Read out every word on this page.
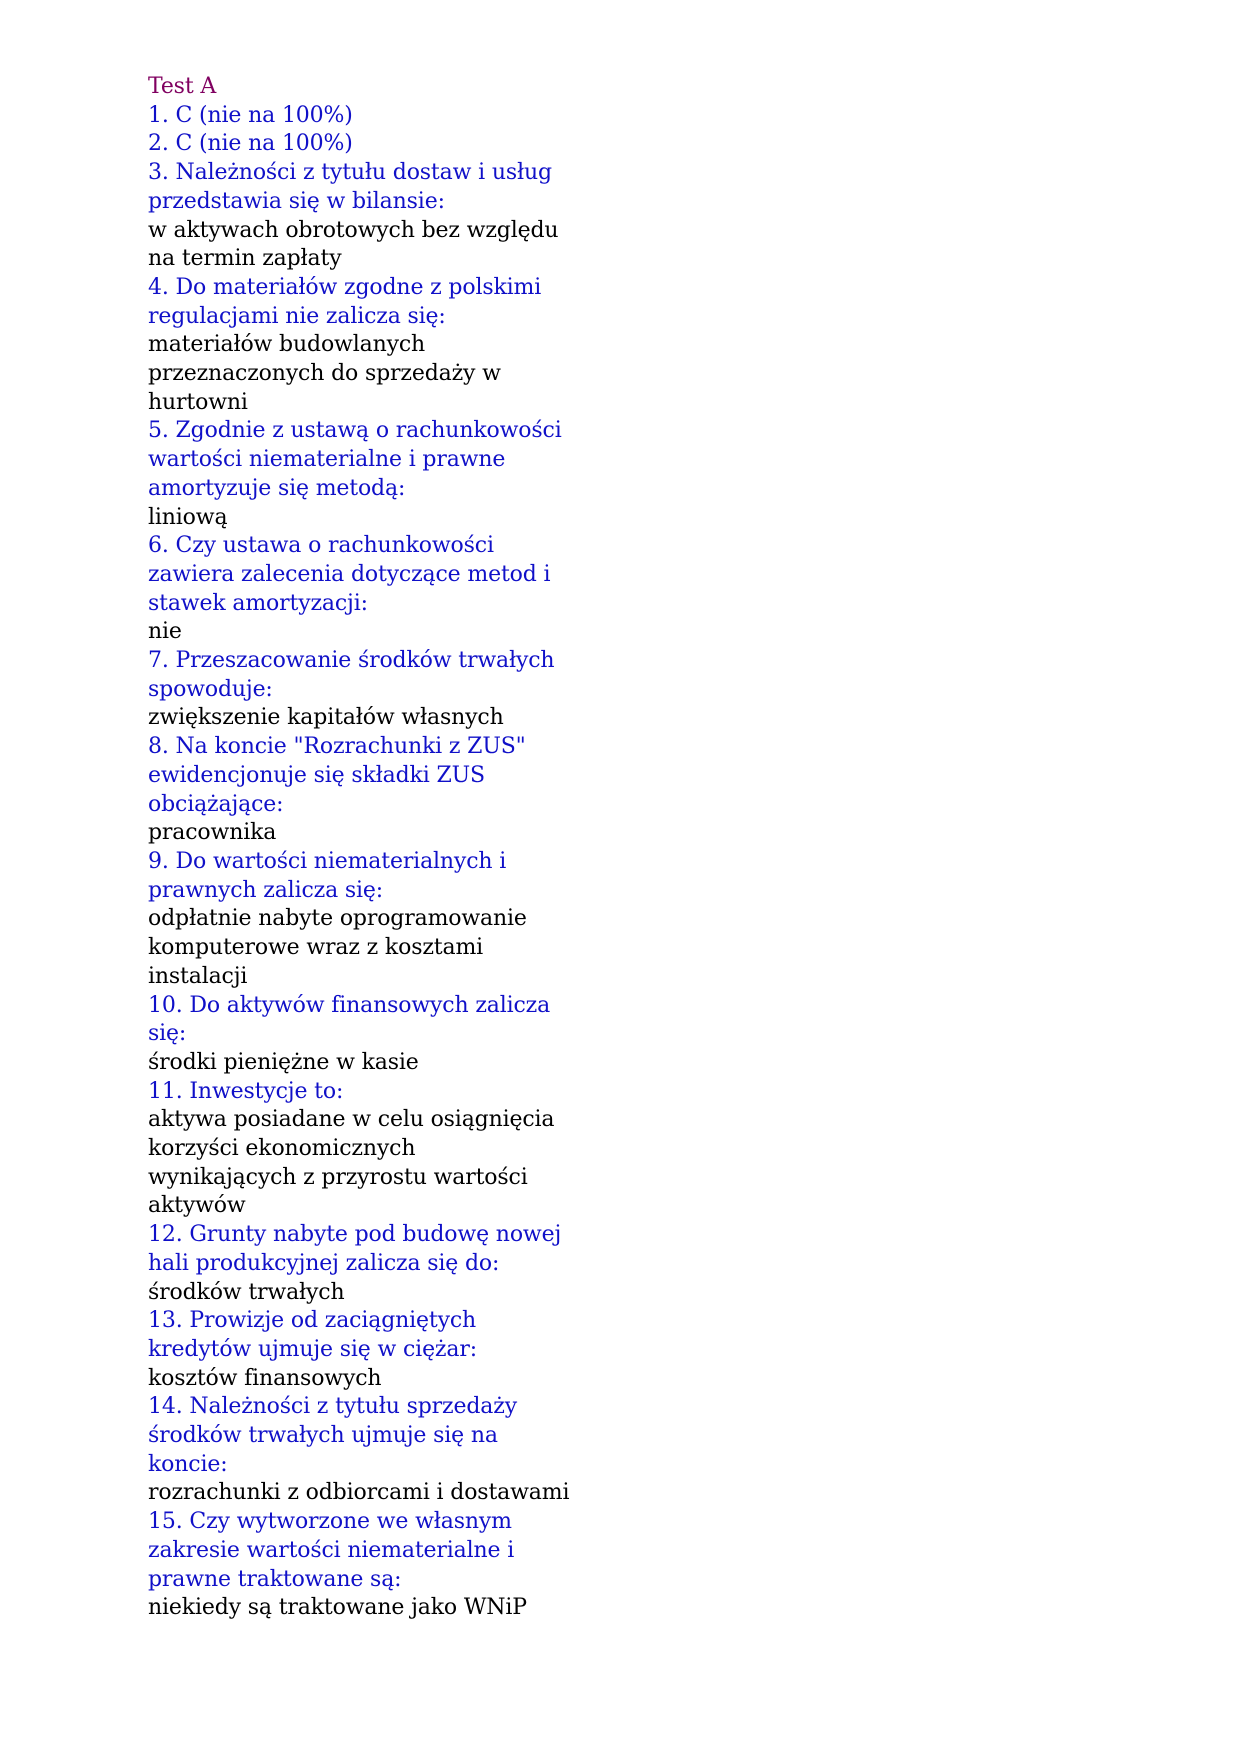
Test A
1. C (nie na 100%)
2. C (nie na 100%)
3. Należności z tytułu dostaw i usług
przedstawia się w bilansie:
w aktywach obrotowych bez względu
na termin zapłaty
4. Do materiałów zgodne z polskimi
regulacjami nie zalicza się:
materiałów budowlanych
przeznaczonych do sprzedaży w
hurtowni
5. Zgodnie z ustawą o rachunkowości
wartości niematerialne i prawne
amortyzuje się metodą:
liniową
6. Czy ustawa o rachunkowości
zawiera zalecenia dotyczące metod i
stawek amortyzacji:
nie
7. Przeszacowanie środków trwałych
spowoduje:
zwiększenie kapitałów własnych
8. Na koncie "Rozrachunki z ZUS"
ewidencjonuje się składki ZUS
obciążające:
pracownika
9. Do wartości niematerialnych i
prawnych zalicza się:
odpłatnie nabyte oprogramowanie
komputerowe wraz z kosztami
instalacji
10. Do aktywów finansowych zalicza
się:
środki pieniężne w kasie
11. Inwestycje to:
aktywa posiadane w celu osiągnięcia
korzyści ekonomicznych
wynikających z przyrostu wartości
aktywów
12. Grunty nabyte pod budowę nowej
hali produkcyjnej zalicza się do:
środków trwałych
13. Prowizje od zaciągniętych
kredytów ujmuje się w ciężar:
kosztów finansowych
14. Należności z tytułu sprzedaży
środków trwałych ujmuje się na
koncie:
rozrachunki z odbiorcami i dostawami
15. Czy wytworzone we własnym
zakresie wartości niematerialne i
prawne traktowane są:
niekiedy są traktowane jako WNiP
